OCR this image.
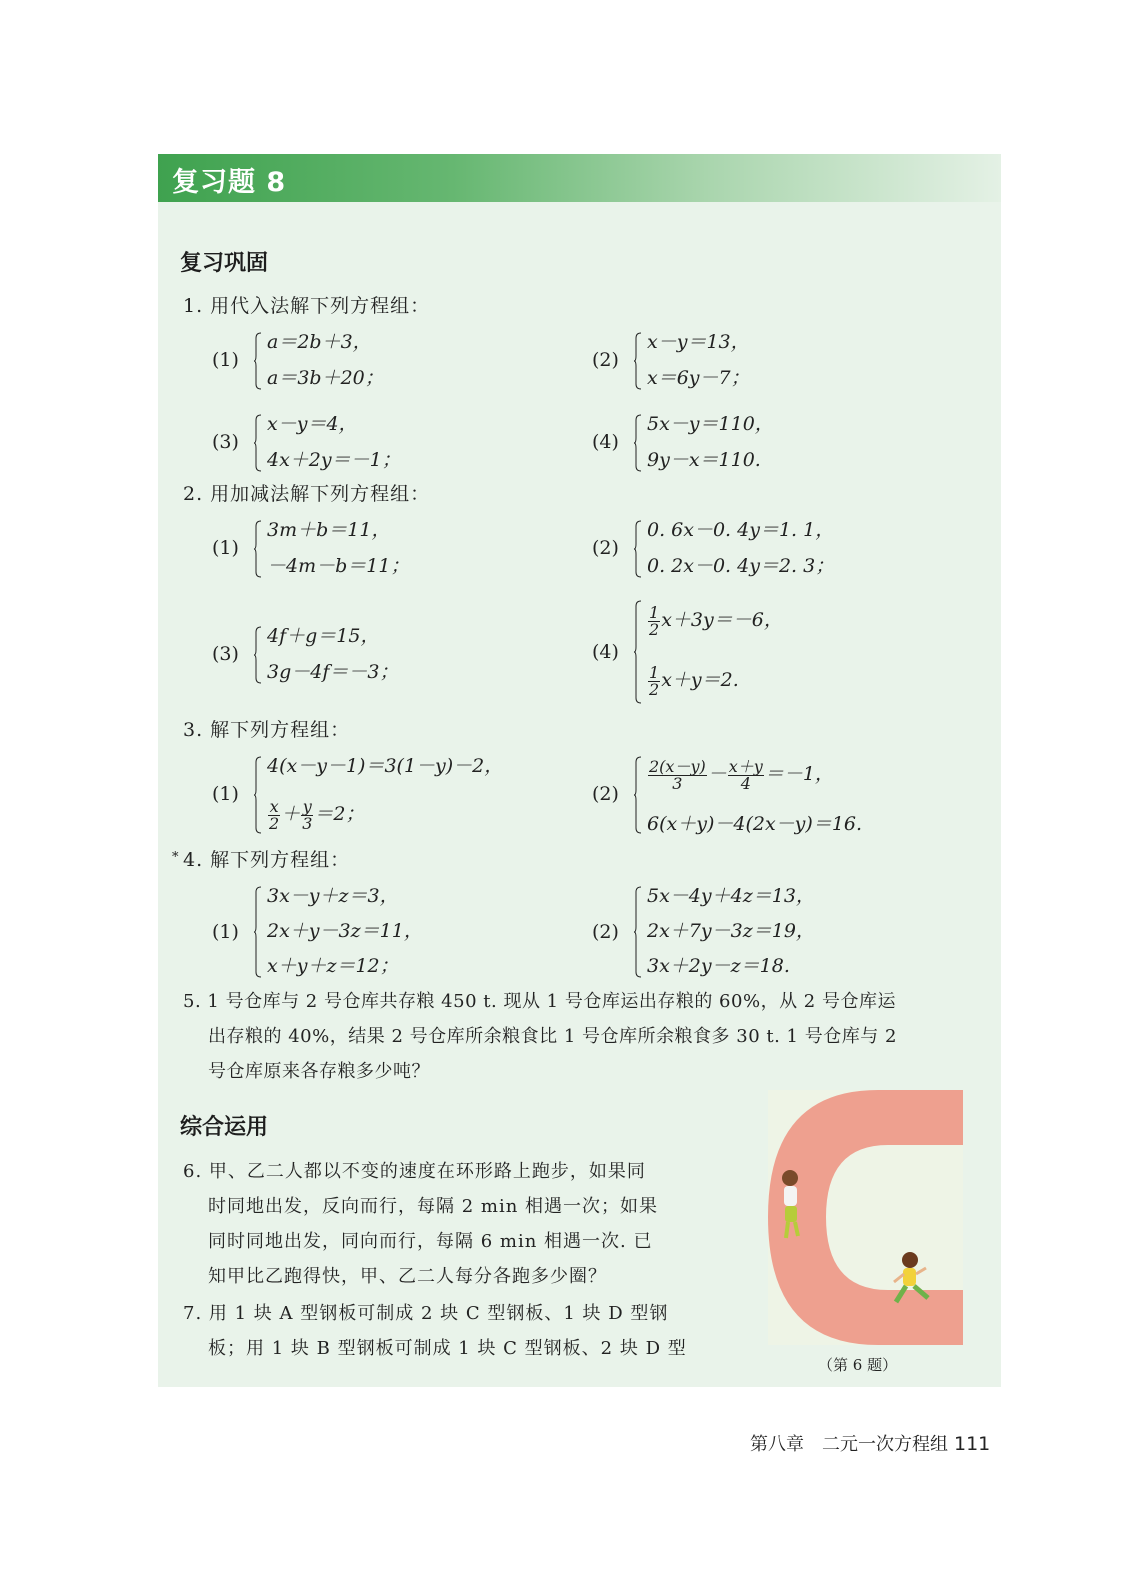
复习题 8
复习巩固
1. 用代入法解下列方程组：
(1)
a＝2b＋3，
a＝3b＋20；
(2)
x－y＝13，
x＝6y－7；
(3)
x－y＝4，
4x＋2y＝－1；
(4)
5x－y＝110，
9y－x＝110.
2. 用加减法解下列方程组：
(1)
3m＋b＝11，
－4m－b＝11；
(2)
0. 6x－0. 4y＝1. 1，
0. 2x－0. 4y＝2. 3；
(3)
4f＋g＝15，
3g－4f＝－3；
(4)
$\frac{1}{2} x+3y=-6$，
$\frac{1}{2} x+y=2$.
3. 解下列方程组：
(1)
4(x－y－1)＝3(1－y)－2，
$\frac{x}{2} + \frac{y}{3} =2$；
(2)
$\frac{2(x-y)}{3} - \frac{x+y}{4} =-1$，
6(x＋y)－4(2x－y)＝16.
* 4. 解下列方程组：
(1)
3x－y＋z＝3，
2x＋y－3z＝11，
x＋y＋z＝12；
(2)
5x－4y＋4z＝13，
2x＋7y－3z＝19，
3x＋2y－z＝18.
5. 1 号仓库与 2 号仓库共存粮 450 t. 现从 1 号仓库运出存粮的 60%，从 2 号仓库运
出存粮的 40%，结果 2 号仓库所余粮食比 1 号仓库所余粮食多 30 t. 1 号仓库与 2
号仓库原来各存粮多少吨？
综合运用
6. 甲、乙二人都以不变的速度在环形路上跑步，如果同
时同地出发，反向而行，每隔 2 min 相遇一次；如果
同时同地出发，同向而行，每隔 6 min 相遇一次. 已
知甲比乙跑得快，甲、乙二人每分各跑多少圈？
7. 用 1 块 A 型钢板可制成 2 块 C 型钢板、1 块 D 型钢
板；用 1 块 B 型钢板可制成 1 块 C 型钢板、2 块 D 型
（第 6 题）
第八章　二元一次方程组 111
